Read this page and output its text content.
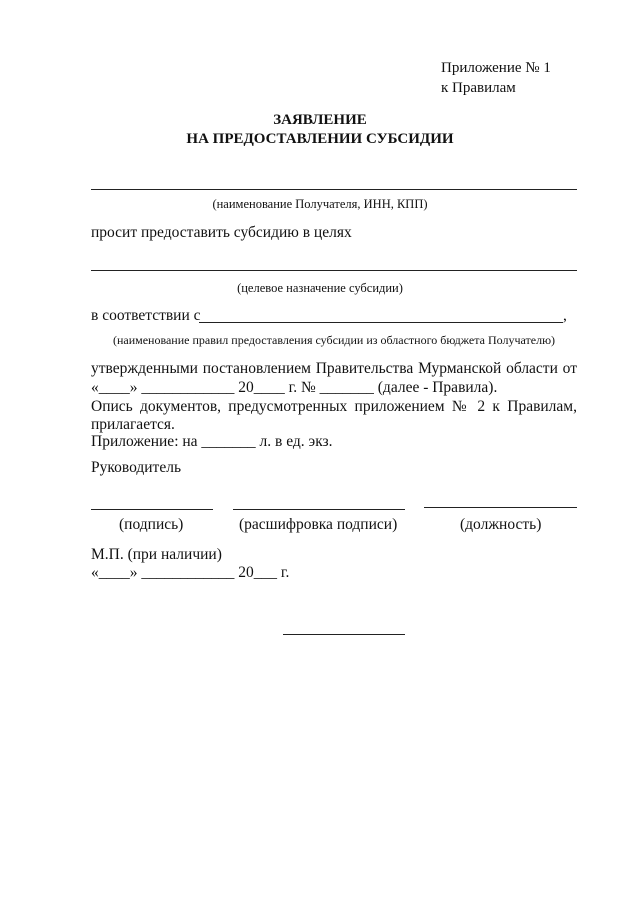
Приложение № 1
к Правилам
ЗАЯВЛЕНИЕ
НА ПРЕДОСТАВЛЕНИИ СУБСИДИИ
(наименование Получателя, ИНН, КПП)
просит предоставить субсидию в целях
(целевое назначение субсидии)
в соответствии с	,
(наименование правил предоставления субсидии из областного бюджета Получателю)
утвержденными постановлением Правительства Мурманской области от
«____» ____________ 20____ г. № _______ (далее - Правила).
Опись документов, предусмотренных приложением № 2 к Правилам,
прилагается.
Приложение: на _______ л. в ед. экз.
Руководитель
(подпись)	(расшифровка подписи)	(должность)
М.П. (при наличии)
«____» ____________ 20___ г.
